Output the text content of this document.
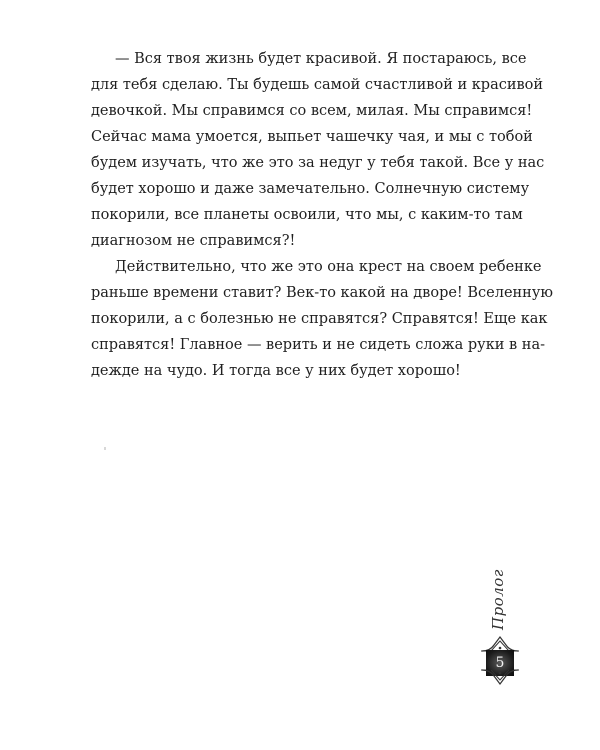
— Вся твоя жизнь будет красивой. Я постараюсь, все
для тебя сделаю. Ты будешь самой счастливой и красивой
девочкой. Мы справимся со всем, милая. Мы справимся!
Сейчас мама умоется, выпьет чашечку чая, и мы с тобой
будем изучать, что же это за недуг у тебя такой. Все у нас
будет хорошо и даже замечательно. Солнечную систему
покорили, все планеты освоили, что мы, с каким-то там
диагнозом не справимся?!
Действительно, что же это она крест на своем ребенке
раньше времени ставит? Век-то какой на дворе! Вселенную
покорили, а с болезнью не справятся? Справятся! Еще как
справятся! Главное — верить и не сидеть сложа руки в на-
дежде на чудо. И тогда все у них будет хорошо!
Пролог
5
